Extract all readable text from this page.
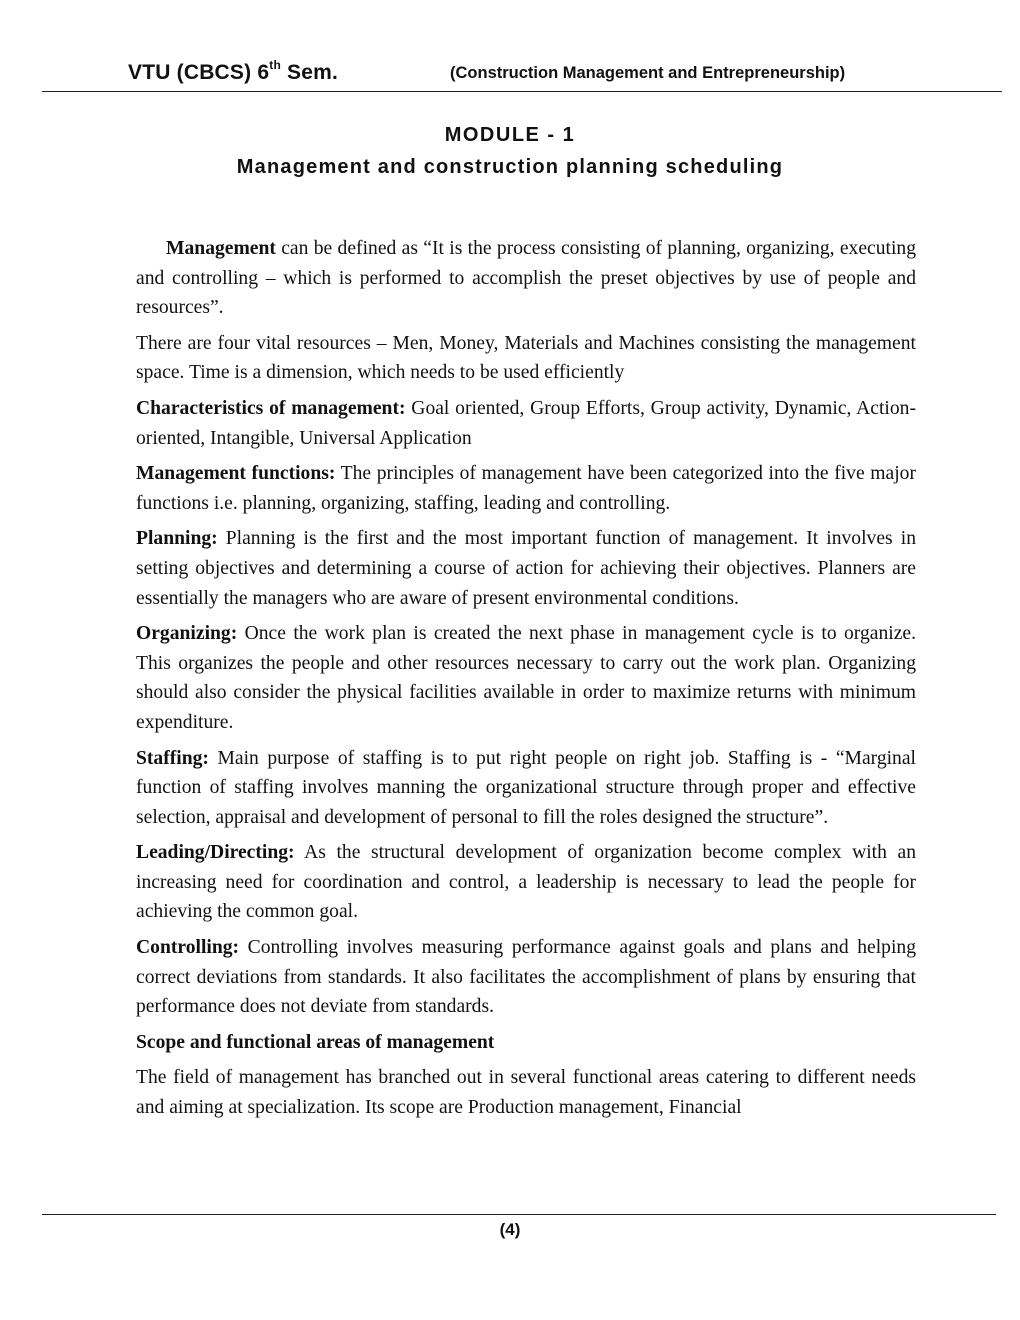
VTU (CBCS) 6th Sem.	(Construction Management and Entrepreneurship)
MODULE - 1
Management and construction planning scheduling

Management can be defined as “It is the process consisting of planning, organizing, executing and controlling – which is performed to accomplish the preset objectives by use of people and resources”.

There are four vital resources – Men, Money, Materials and Machines consisting the management space. Time is a dimension, which needs to be used efficiently

Characteristics of management: Goal oriented, Group Efforts, Group activity, Dynamic, Action-oriented, Intangible, Universal Application

Management functions: The principles of management have been categorized into the five major functions i.e. planning, organizing, staffing, leading and controlling.

Planning: Planning is the first and the most important function of management. It involves in setting objectives and determining a course of action for achieving their objectives. Planners are essentially the managers who are aware of present environmental conditions.

Organizing: Once the work plan is created the next phase in management cycle is to organize. This organizes the people and other resources necessary to carry out the work plan. Organizing should also consider the physical facilities available in order to maximize returns with minimum expenditure.

Staffing: Main purpose of staffing is to put right people on right job. Staffing is - “Marginal function of staffing involves manning the organizational structure through proper and effective selection, appraisal and development of personal to fill the roles designed the structure”.

Leading/Directing: As the structural development of organization become complex with an increasing need for coordination and control, a leadership is necessary to lead the people for achieving the common goal.

Controlling: Controlling involves measuring performance against goals and plans and helping correct deviations from standards. It also facilitates the accomplishment of plans by ensuring that performance does not deviate from standards.

Scope and functional areas of management

The field of management has branched out in several functional areas catering to different needs and aiming at specialization. Its scope are Production management, Financial

(4)
